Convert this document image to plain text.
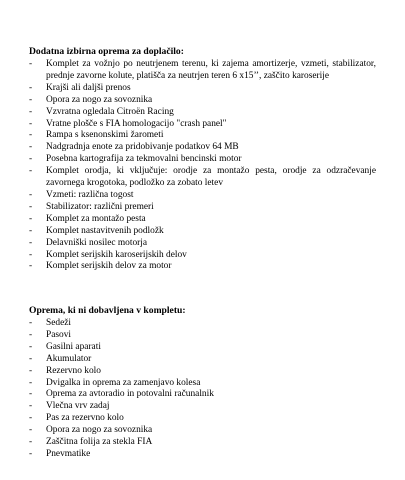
Dodatna izbirna oprema za doplačilo:
- Komplet za vožnjo po neutrjenem terenu, ki zajema amortizerje, vzmeti, stabilizator, prednje zavorne kolute, platišča za neutrjen teren 6 x15’’, zaščito karoserije
- Krajši ali daljši prenos
- Opora za nogo za sovoznika
- Vzvratna ogledala Citroën Racing
- Vratne plošče s FIA homologacijo "crash panel"
- Rampa s ksenonskimi žarometi
- Nadgradnja enote za pridobivanje podatkov 64 MB
- Posebna kartografija za tekmovalni bencinski motor
- Komplet orodja, ki vključuje: orodje za montažo pesta, orodje za odzračevanje zavornega krogotoka, podložko za zobato letev
- Vzmeti: različna togost
- Stabilizator: različni premeri
- Komplet za montažo pesta
- Komplet nastavitvenih podložk
- Delavniški nosilec motorja
- Komplet serijskih karoserijskih delov
- Komplet serijskih delov za motor
Oprema, ki ni dobavljena v kompletu:
- Sedeži
- Pasovi
- Gasilni aparati
- Akumulator
- Rezervno kolo
- Dvigalka in oprema za zamenjavo kolesa
- Oprema za avtoradio in potovalni računalnik
- Vlečna vrv zadaj
- Pas za rezervno kolo
- Opora za nogo za sovoznika
- Zaščitna folija za stekla FIA
- Pnevmatike
